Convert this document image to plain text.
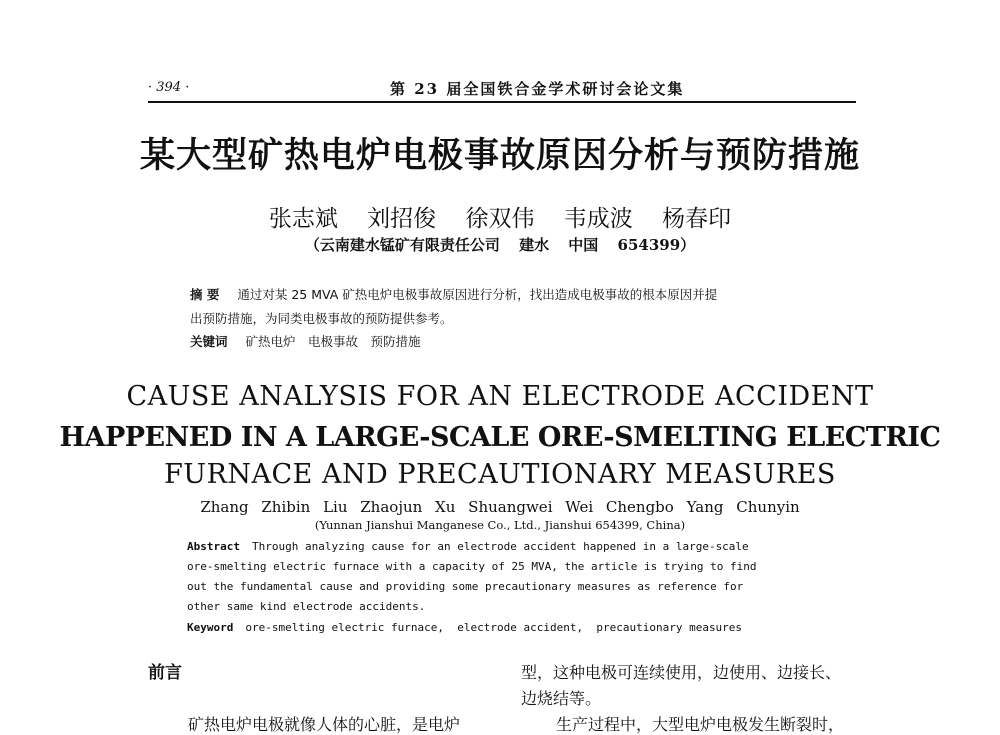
· 394 ·	第 23 届全国铁合金学术研讨会论文集
某大型矿热电炉电极事故原因分析与预防措施
张志斌 刘招俊 徐双伟 韦成波 杨春印
（云南建水锰矿有限责任公司 建水 中国 654399）
摘 要 通过对某 25 MVA 矿热电炉电极事故原因进行分析，找出造成电极事故的根本原因并提
出预防措施，为同类电极事故的预防提供参考。
关键词 矿热电炉　电极事故　预防措施
CAUSE ANALYSIS FOR AN ELECTRODE ACCIDENT
HAPPENED IN A LARGE-SCALE ORE-SMELTING ELECTRIC
FURNACE AND PRECAUTIONARY MEASURES
Zhang Zhibin Liu Zhaojun Xu Shuangwei Wei Chengbo Yang Chunyin
(Yunnan Jianshui Manganese Co., Ltd., Jianshui 654399, China)
Abstract Through analyzing cause for an electrode accident happened in a large-scale
ore-smelting electric furnace with a capacity of 25 MVA, the article is trying to find
out the fundamental cause and providing some precautionary measures as reference for
other same kind electrode accidents.
Keyword ore-smelting electric furnace,  electrode accident,  precautionary measures
前言	型，这种电极可连续使用，边使用、边接长、
边烧结等。
矿热电炉电极就像人体的心脏，是电炉	生产过程中，大型电炉电极发生断裂时，
